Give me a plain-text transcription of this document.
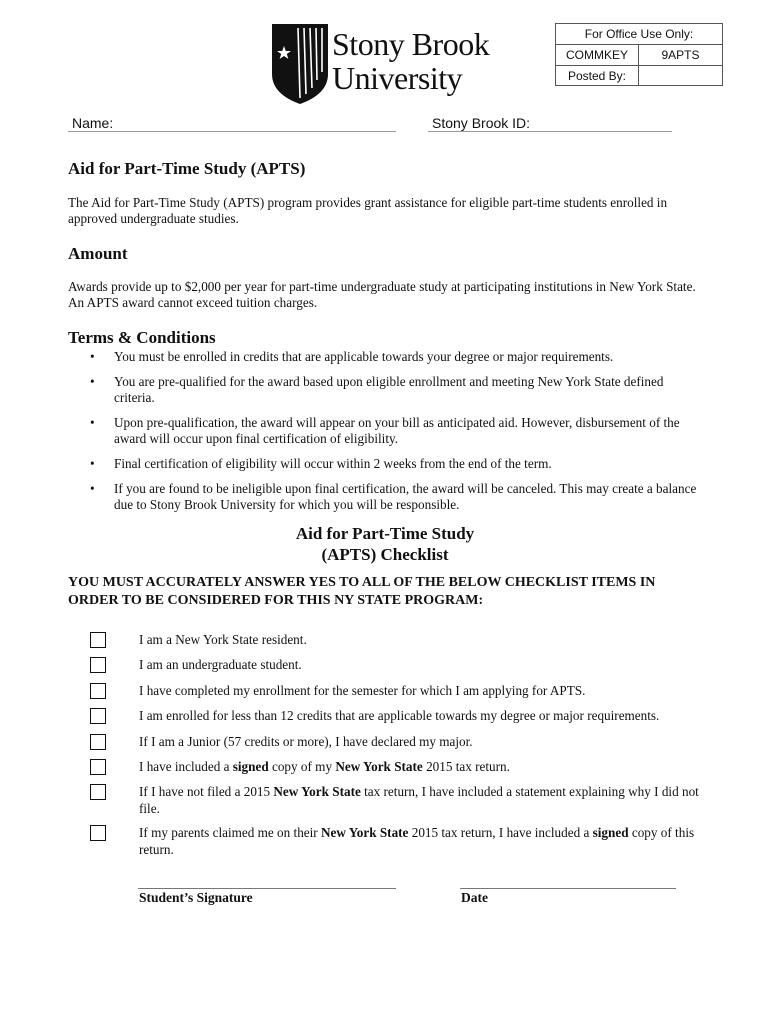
Stony Brook
University
For Office Use Only:
COMMKEY	9APTS
Posted By:
Name:	Stony Brook ID:
Aid for Part-Time Study (APTS)

The Aid for Part-Time Study (APTS) program provides grant assistance for eligible part-time students enrolled in approved undergraduate studies.

Amount

Awards provide up to $2,000 per year for part-time undergraduate study at participating institutions in New York State. An APTS award cannot exceed tuition charges.

Terms & Conditions
• You must be enrolled in credits that are applicable towards your degree or major requirements.
• You are pre-qualified for the award based upon eligible enrollment and meeting New York State defined criteria.
• Upon pre-qualification, the award will appear on your bill as anticipated aid. However, disbursement of the award will occur upon final certification of eligibility.
• Final certification of eligibility will occur within 2 weeks from the end of the term.
• If you are found to be ineligible upon final certification, the award will be canceled. This may create a balance due to Stony Brook University for which you will be responsible.
Aid for Part-Time Study
(APTS) Checklist
YOU MUST ACCURATELY ANSWER YES TO ALL OF THE BELOW CHECKLIST ITEMS IN ORDER TO BE CONSIDERED FOR THIS NY STATE PROGRAM:
I am a New York State resident.
I am an undergraduate student.
I have completed my enrollment for the semester for which I am applying for APTS.
I am enrolled for less than 12 credits that are applicable towards my degree or major requirements.
If I am a Junior (57 credits or more), I have declared my major.
I have included a signed copy of my New York State 2015 tax return.
If I have not filed a 2015 New York State tax return, I have included a statement explaining why I did not file.
If my parents claimed me on their New York State 2015 tax return, I have included a signed copy of this return.
Student’s Signature	Date
